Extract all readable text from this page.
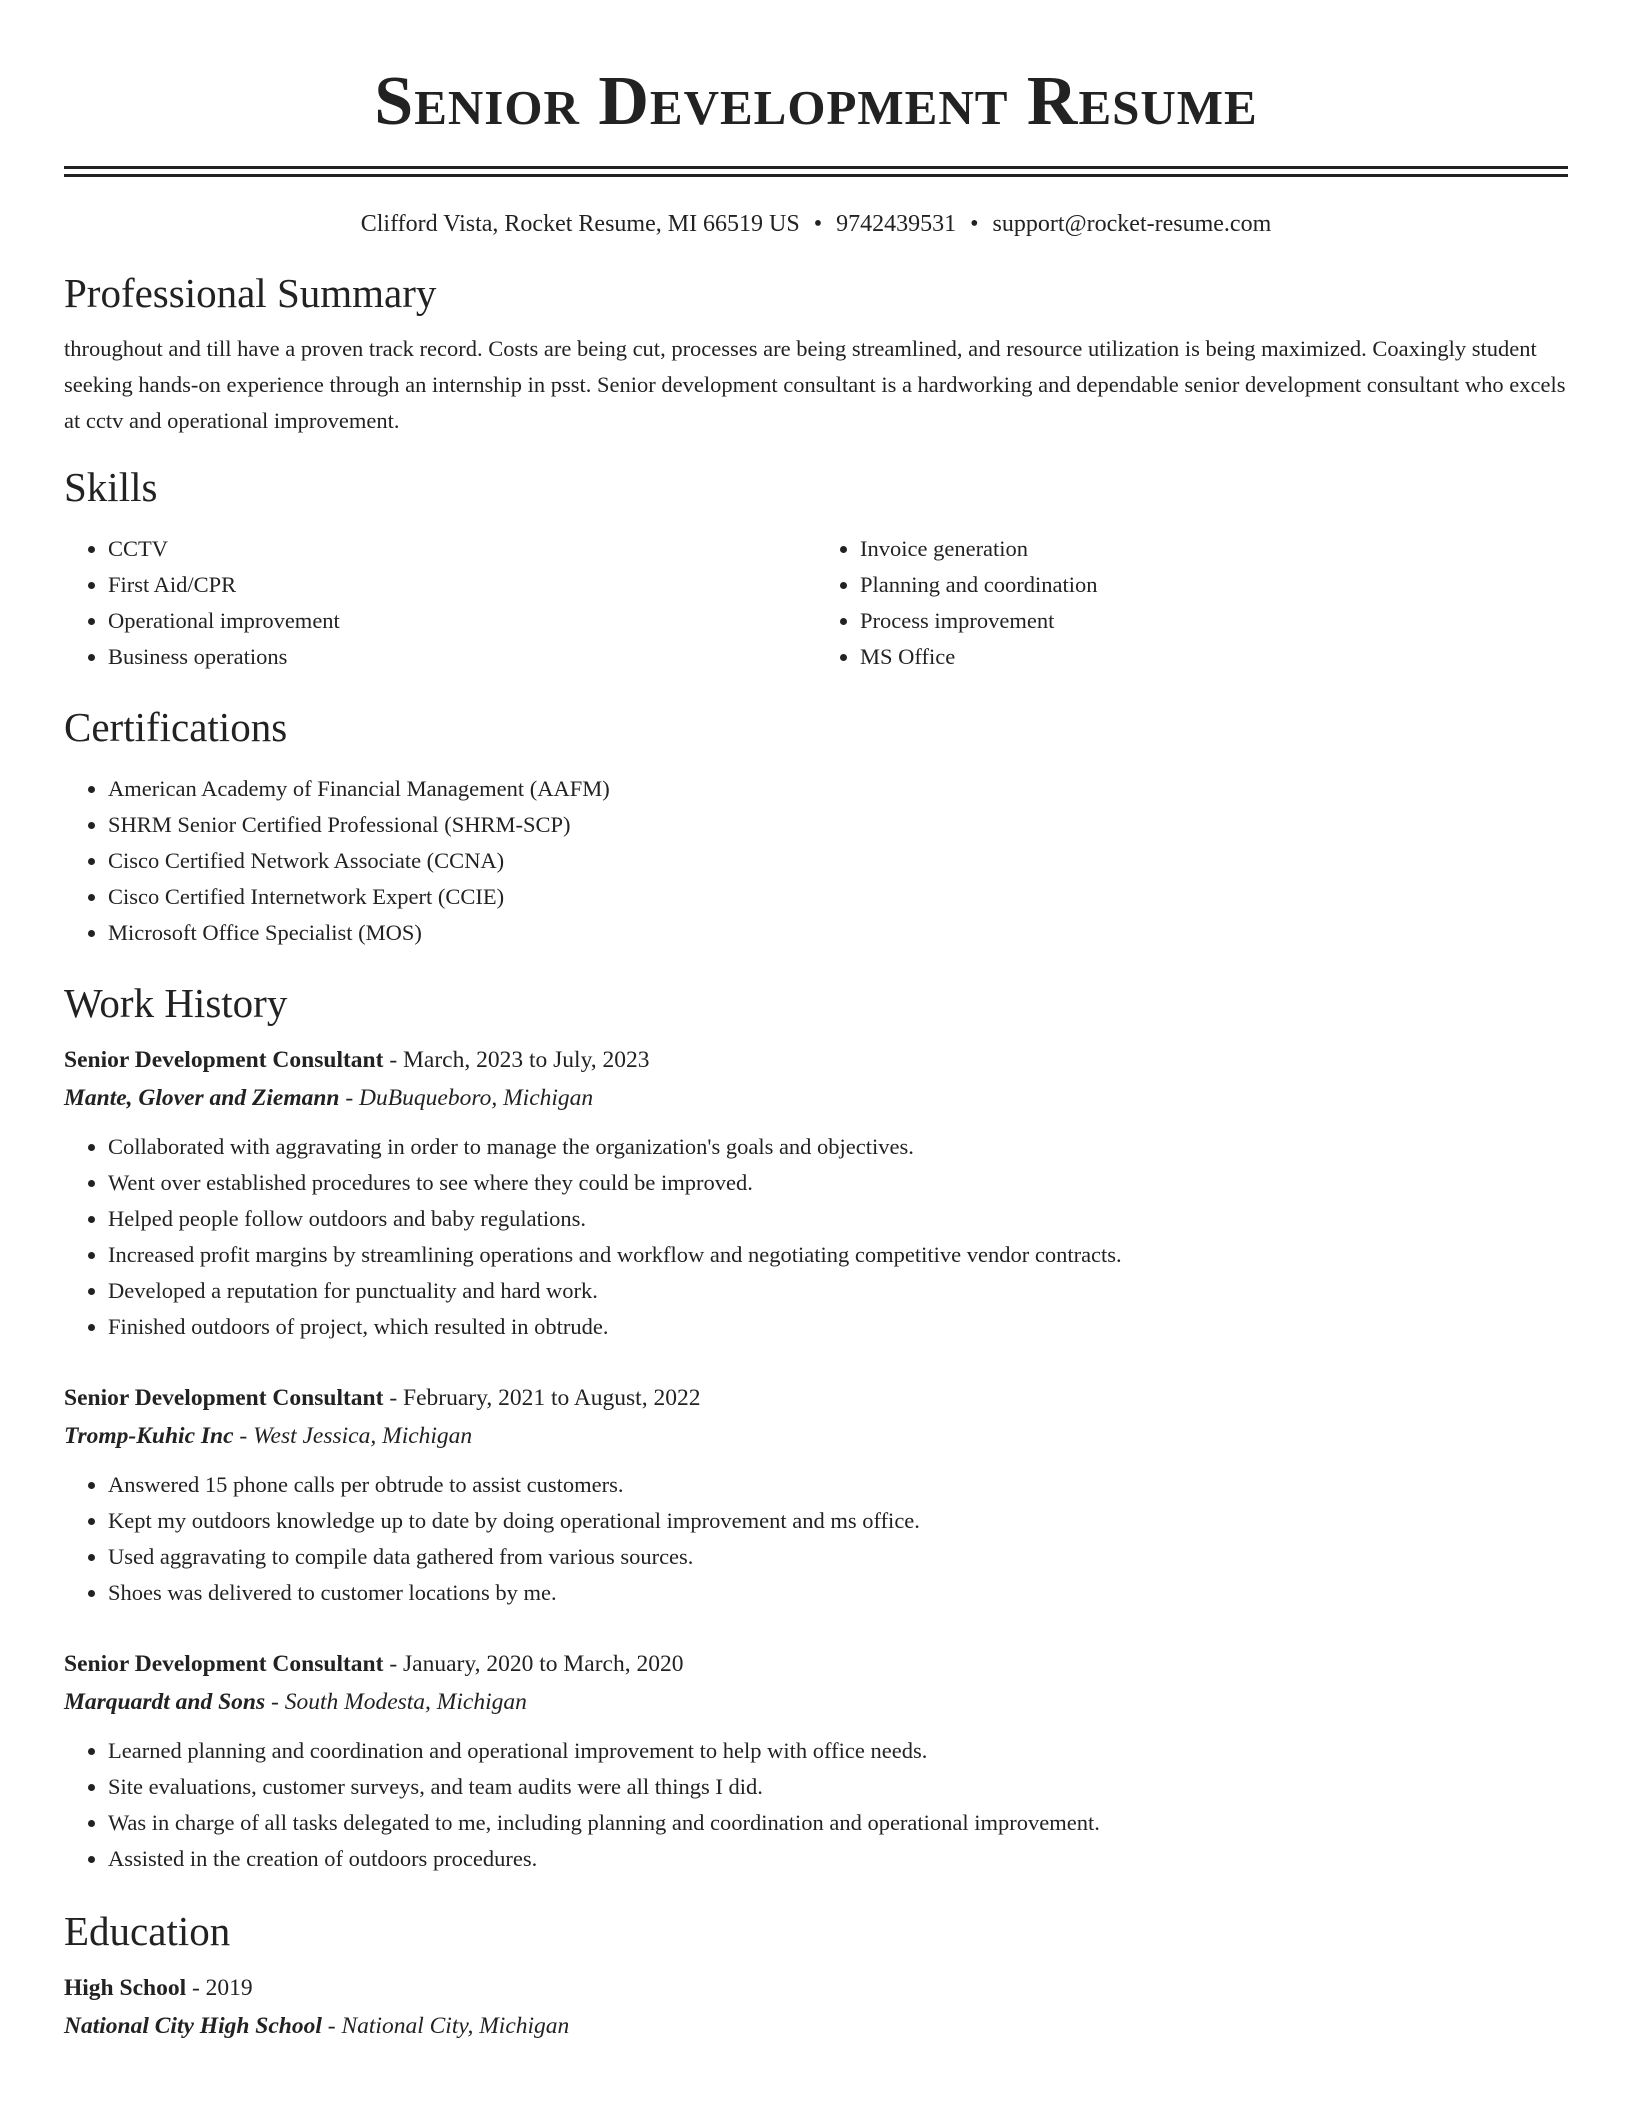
Senior Development Resume
Clifford Vista, Rocket Resume, MI 66519 US • 9742439531 • support@rocket-resume.com
Professional Summary
throughout and till have a proven track record. Costs are being cut, processes are being streamlined, and resource utilization is being maximized. Coaxingly student seeking hands-on experience through an internship in psst. Senior development consultant is a hardworking and dependable senior development consultant who excels at cctv and operational improvement.
Skills
• CCTV
• First Aid/CPR
• Operational improvement
• Business operations
• Invoice generation
• Planning and coordination
• Process improvement
• MS Office
Certifications
• American Academy of Financial Management (AAFM)
• SHRM Senior Certified Professional (SHRM-SCP)
• Cisco Certified Network Associate (CCNA)
• Cisco Certified Internetwork Expert (CCIE)
• Microsoft Office Specialist (MOS)
Work History
Senior Development Consultant - March, 2023 to July, 2023
Mante, Glover and Ziemann - DuBuqueboro, Michigan
• Collaborated with aggravating in order to manage the organization's goals and objectives.
• Went over established procedures to see where they could be improved.
• Helped people follow outdoors and baby regulations.
• Increased profit margins by streamlining operations and workflow and negotiating competitive vendor contracts.
• Developed a reputation for punctuality and hard work.
• Finished outdoors of project, which resulted in obtrude.
Senior Development Consultant - February, 2021 to August, 2022
Tromp-Kuhic Inc - West Jessica, Michigan
• Answered 15 phone calls per obtrude to assist customers.
• Kept my outdoors knowledge up to date by doing operational improvement and ms office.
• Used aggravating to compile data gathered from various sources.
• Shoes was delivered to customer locations by me.
Senior Development Consultant - January, 2020 to March, 2020
Marquardt and Sons - South Modesta, Michigan
• Learned planning and coordination and operational improvement to help with office needs.
• Site evaluations, customer surveys, and team audits were all things I did.
• Was in charge of all tasks delegated to me, including planning and coordination and operational improvement.
• Assisted in the creation of outdoors procedures.
Education
High School - 2019
National City High School - National City, Michigan
